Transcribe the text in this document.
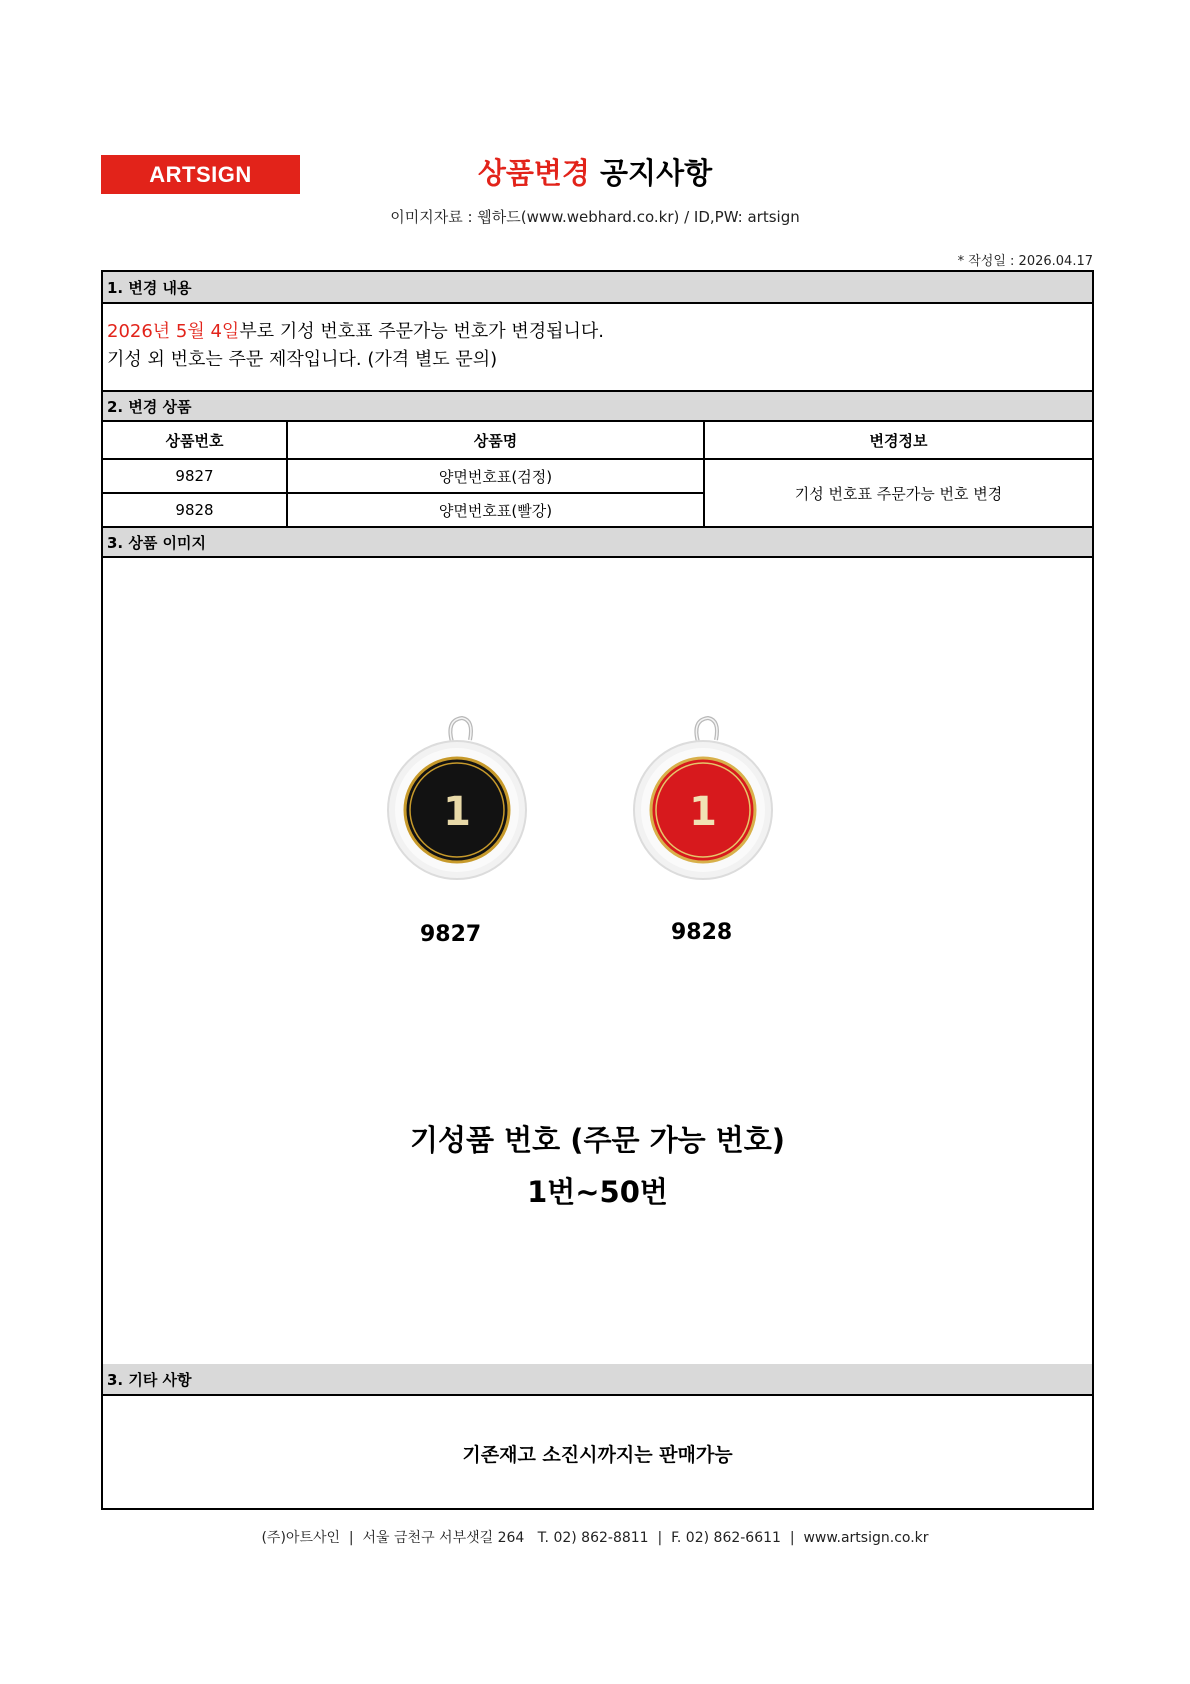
ARTSIGN	상품변경 공지사항
이미지자료 : 웹하드(www.webhard.co.kr) / ID,PW: artsign
* 작성일 : 2026.04.17
1. 변경 내용
2026년 5월 4일부로 기성 번호표 주문가능 번호가 변경됩니다.
기성 외 번호는 주문 제작입니다. (가격 별도 문의)
2. 변경 상품
상품번호	상품명	변경정보
9827	양면번호표(검정)	기성 번호표 주문가능 번호 변경
9828	양면번호표(빨강)	
3. 상품 이미지
1	1
9827	9828
기성품 번호 (주문 가능 번호)
1번~50번
3. 기타 사항
기존재고 소진시까지는 판매가능
(주)아트사인  |  서울 금천구 서부샛길 264   T. 02) 862-8811  |  F. 02) 862-6611  |  www.artsign.co.kr
